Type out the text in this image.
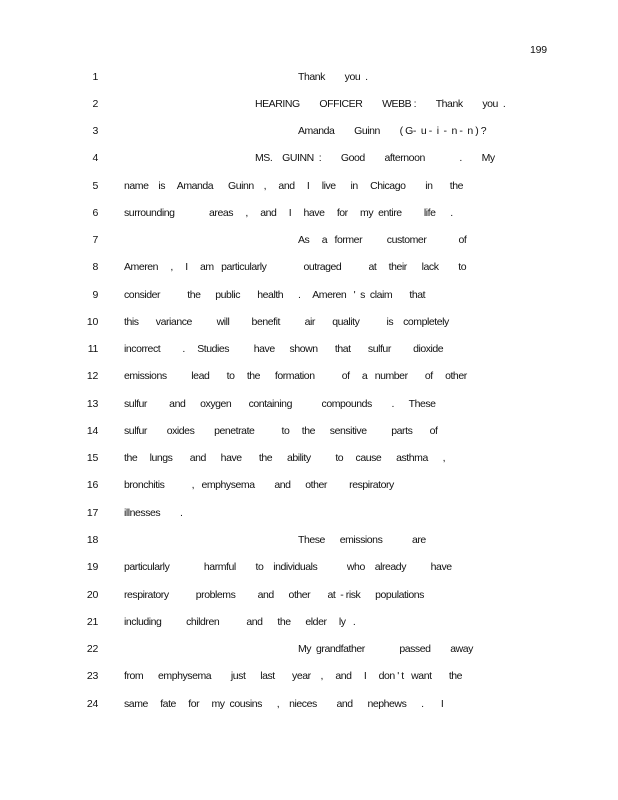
199
1	Thank        you  .
2	HEARING        OFFICER        WEBB :        Thank        you  .
3	Amanda        Guinn        ( G-  u -  i  -  n -  n ) ?
4	MS.    GUINN  :        Good        afternoon              .        My
5 name    is     Amanda      Guinn    ,     and     I     live      in     Chicago        in       the
6 surrounding              areas     ,     and     I     have     for     my  entire         life      .
7	As     a   former          customer             of
8 Ameren     ,     I     am   particularly               outraged           at     their      lack        to
9 consider           the      public       health      .     Ameren   '  s  claim       that
10 this       variance          will         benefit          air       quality           is    completely
11 incorrect         .     Studies          have      shown       that       sulfur         dioxide
12 emissions          lead       to     the      formation           of     a   number       of     other
13 sulfur         and      oxygen       containing            compounds        .      These
14 sulfur        oxides        penetrate           to     the      sensitive          parts       of
15 the     lungs       and      have       the      ability          to     cause      asthma      ,
16 bronchitis           ,   emphysema        and      other         respiratory
17 illnesses        .
18	These      emissions            are
19 particularly              harmful        to    individuals            who    already          have
20 respiratory           problems         and      other       at  - risk      populations
21 including          children           and      the      elder     ly   .
22	My  grandfather              passed        away
23 from      emphysema        just      last       year    ,     and     I     don ' t   want       the
24 same     fate     for     my  cousins      ,    nieces        and      nephews      .       I
